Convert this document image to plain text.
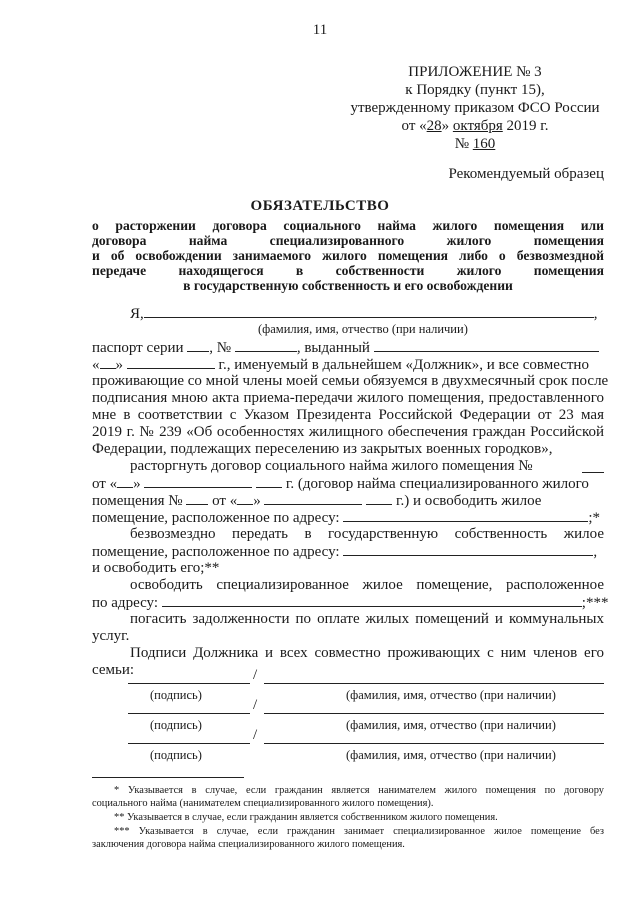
11
ПРИЛОЖЕНИЕ № 3
к Порядку (пункт 15),
утвержденному приказом ФСО России
от «28» октября 2019 г.
№ 160
Рекомендуемый образец
ОБЯЗАТЕЛЬСТВО
о расторжении договора социального найма жилого помещения или
договора найма специализированного жилого помещения
и об освобождении занимаемого жилого помещения либо о безвозмездной
передаче находящегося в собственности жилого помещения
в государственную собственность и его освобождении
Я,	,
(фамилия, имя, отчество (при наличии)
паспорт серии , №	, выданный
« »	г., именуемый в дальнейшем «Должник», и все совместно
проживающие со мной члены моей семьи обязуемся в двухмесячный срок после
подписания мною акта приема-передачи жилого помещения, предоставленного
мне в соответствии с Указом Президента Российской Федерации от 23 мая
2019 г. № 239 «Об особенностях жилищного обеспечения граждан Российской
Федерации, подлежащих переселению из закрытых военных городков»,
расторгнуть договор социального найма жилого помещения №
от « »	г. (договор найма специализированного жилого
помещения № от « »	г.) и освободить жилое
помещение, расположенное по адресу:	;*
безвозмездно передать в государственную собственность жилое
помещение, расположенное по адресу:	,
и освободить его;**
освободить специализированное жилое помещение, расположенное
по адресу:	;***
погасить задолженности по оплате жилых помещений и коммунальных
услуг.
Подписи Должника и всех совместно проживающих с ним членов его
семьи:	/
(подпись)	(фамилия, имя, отчество (при наличии)
/
(подпись)	(фамилия, имя, отчество (при наличии)
/
(подпись)	(фамилия, имя, отчество (при наличии)
* Указывается в случае, если гражданин является нанимателем жилого помещения по договору
социального найма (нанимателем специализированного жилого помещения).
** Указывается в случае, если гражданин является собственником жилого помещения.
*** Указывается в случае, если гражданин занимает специализированное жилое помещение без
заключения договора найма специализированного жилого помещения.
